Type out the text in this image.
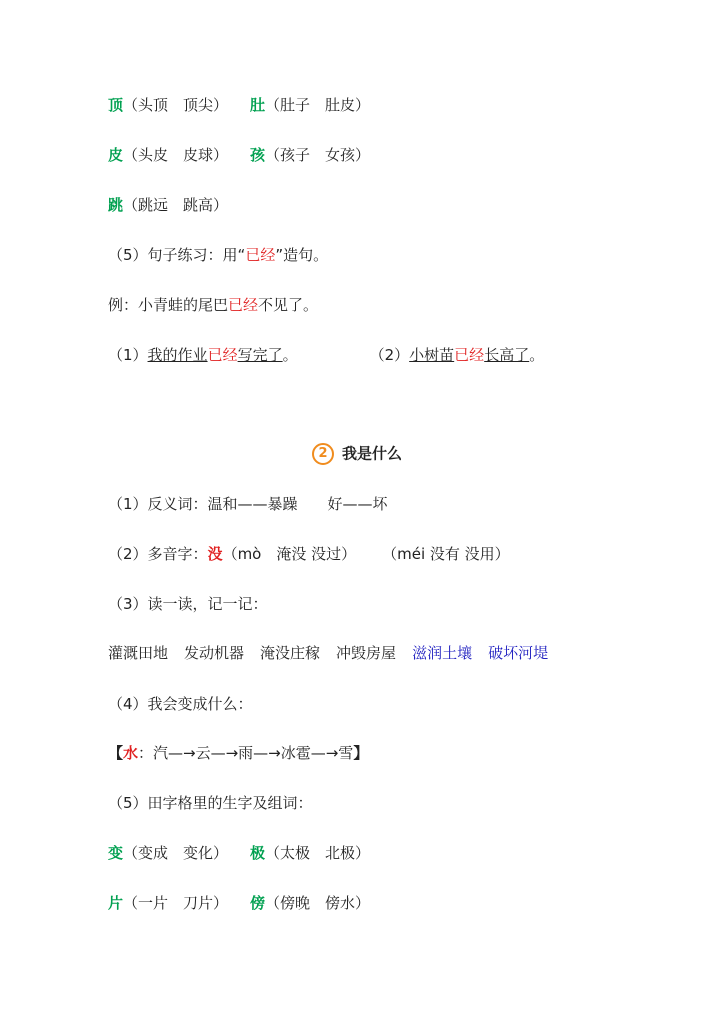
顶（头顶　顶尖） 肚（肚子　肚皮）
皮（头皮　皮球） 孩（孩子　女孩）
跳（跳远　跳高）
（5）句子练习：用“已经”造句。
例：小青蛙的尾巴已经不见了。
（1）我的作业已经写完了。	（2）小树苗已经长高了。
2 我是什么
（1）反义词：温和——暴躁　　好——坏
（2）多音字：没（mò　淹没 没过） （méi 没有 没用）
（3）读一读，记一记：
灌溉田地 发动机器 淹没庄稼 冲毁房屋 滋润土壤 破坏河堤
（4）我会变成什么：
【水：汽—→云—→雨—→冰雹—→雪】
（5）田字格里的生字及组词：
变（变成　变化） 极（太极　北极）
片（一片　刀片） 傍（傍晚　傍水）
